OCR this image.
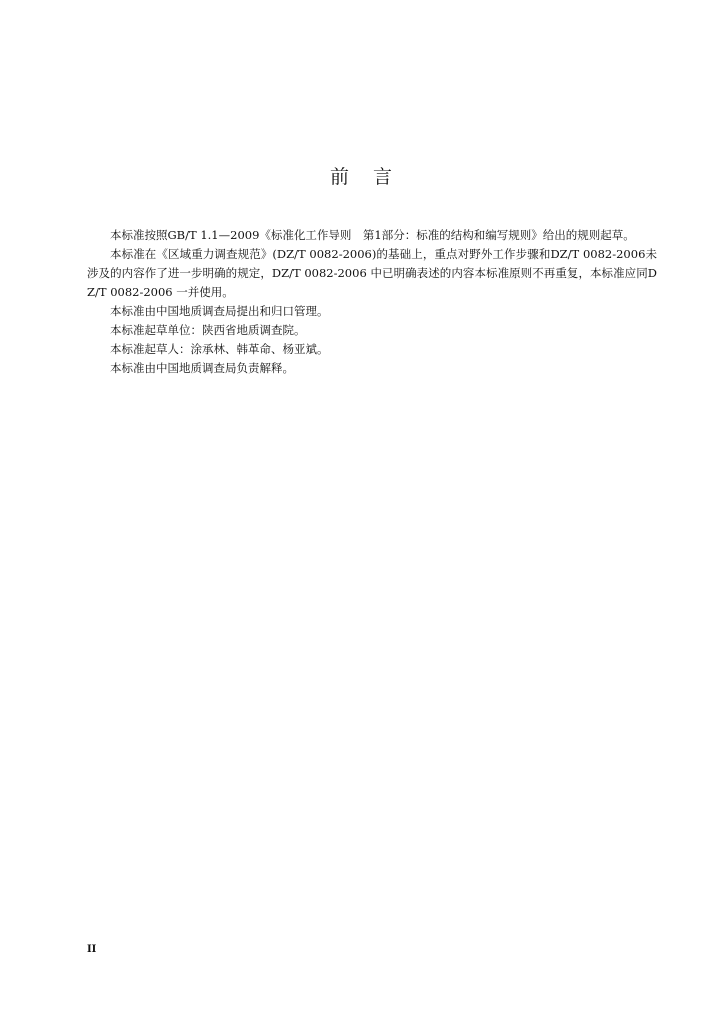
前 言

本标准按照GB/T 1.1—2009《标准化工作导则　第1部分：标准的结构和编写规则》给出的规则起草。

本标准在《区域重力调查规范》(DZ/T 0082-2006)的基础上，重点对野外工作步骤和DZ/T 0082-2006未涉及的内容作了进一步明确的规定，DZ/T 0082-2006 中已明确表述的内容本标准原则不再重复，本标准应同DZ/T 0082-2006 一并使用。

本标准由中国地质调查局提出和归口管理。

本标准起草单位：陕西省地质调查院。

本标准起草人：涂承林、韩革命、杨亚斌。

本标准由中国地质调查局负责解释。

II
